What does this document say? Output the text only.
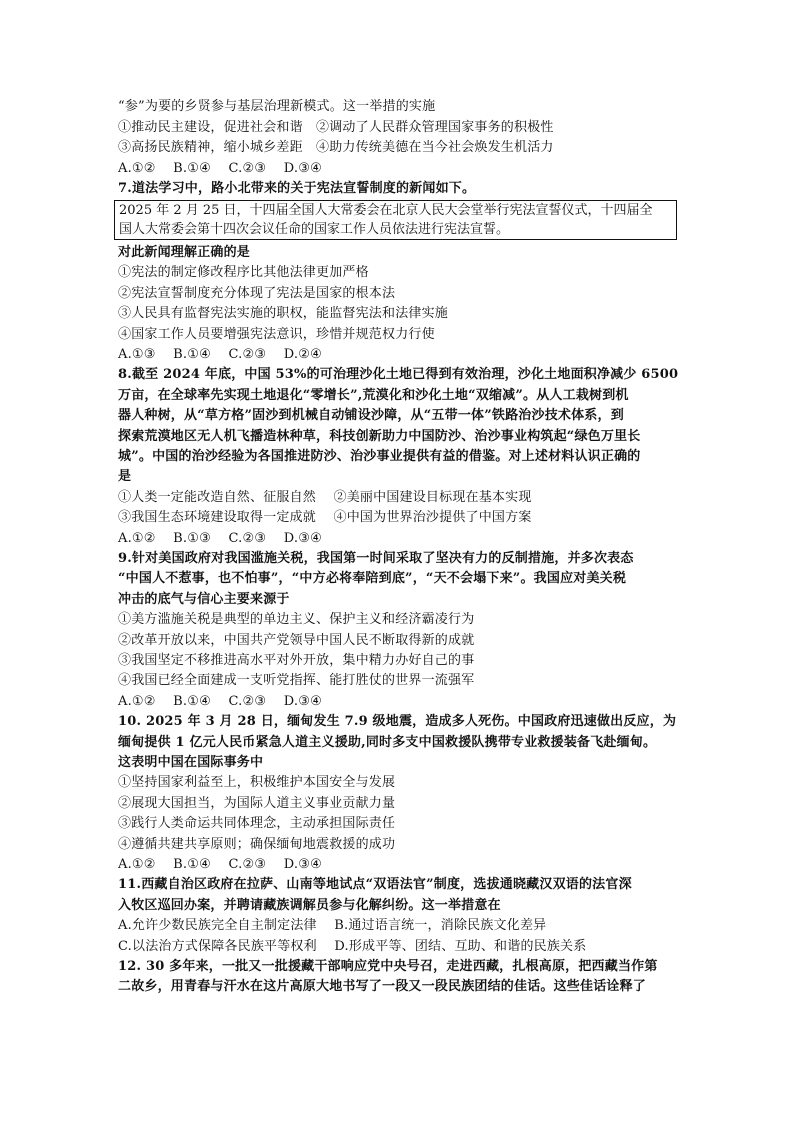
“参”为要的乡贤参与基层治理新模式。这一举措的实施
①推动民主建设，促进社会和谐　②调动了人民群众管理国家事务的积极性
③高扬民族精神，缩小城乡差距　④助力传统美德在当今社会焕发生机活力
A.①②　 B.①④　 C.②③　 D.③④
7.道法学习中，路小北带来的关于宪法宣誓制度的新闻如下。
2025 年 2 月 25 日，十四届全国人大常委会在北京人民大会堂举行宪法宣誓仪式，十四届全
国人大常委会第十四次会议任命的国家工作人员依法进行宪法宣誓。
对此新闻理解正确的是
①宪法的制定修改程序比其他法律更加严格
②宪法宣誓制度充分体现了宪法是国家的根本法
③人民具有监督宪法实施的职权，能监督宪法和法律实施
④国家工作人员要增强宪法意识，珍惜并规范权力行使
A.①③　 B.①④　 C.②③　 D.②④
8.截至 2024 年底，中国 53%的可治理沙化土地已得到有效治理，沙化土地面积净减少 6500
万亩，在全球率先实现土地退化“零增长”,荒漠化和沙化土地“双缩减”。从人工栽树到机
器人种树，从“草方格”固沙到机械自动铺设沙障，从“五带一体”铁路治沙技术体系，到
探索荒漠地区无人机飞播造林种草，科技创新助力中国防沙、治沙事业构筑起“绿色万里长
城”。中国的治沙经验为各国推进防沙、治沙事业提供有益的借鉴。对上述材料认识正确的
是
①人类一定能改造自然、征服自然　 ②美丽中国建设目标现在基本实现
③我国生态环境建设取得一定成就　 ④中国为世界治沙提供了中国方案
A.①②　 B.①③　 C.②③　 D.③④
9.针对美国政府对我国滥施关税，我国第一时间采取了坚决有力的反制措施，并多次表态
“中国人不惹事，也不怕事”，“中方必将奉陪到底”，“天不会塌下来”。我国应对美关税
冲击的底气与信心主要来源于
①美方滥施关税是典型的单边主义、保护主义和经济霸凌行为
②改革开放以来，中国共产党领导中国人民不断取得新的成就
③我国坚定不移推进高水平对外开放，集中精力办好自己的事
④我国已经全面建成一支听党指挥、能打胜仗的世界一流强军
A.①②　 B.①④　 C.②③　 D.③④
10. 2025 年 3 月 28 日，缅甸发生 7.9 级地震，造成多人死伤。中国政府迅速做出反应，为
缅甸提供 1 亿元人民币紧急人道主义援助,同时多支中国救援队携带专业救援装备飞赴缅甸。
这表明中国在国际事务中
①坚持国家利益至上，积极维护本国安全与发展
②展现大国担当，为国际人道主义事业贡献力量
③践行人类命运共同体理念，主动承担国际责任
④遵循共建共享原则；确保缅甸地震救援的成功
A.①②　 B.①④　 C.②③　 D.③④
11.西藏自治区政府在拉萨、山南等地试点“双语法官”制度，选拔通晓藏汉双语的法官深
入牧区巡回办案，并聘请藏族调解员参与化解纠纷。这一举措意在
A.允许少数民族完全自主制定法律　 B.通过语言统一，消除民族文化差异
C.以法治方式保障各民族平等权利　 D.形成平等、团结、互助、和谐的民族关系
12. 30 多年来，一批又一批援藏干部响应党中央号召，走进西藏，扎根高原，把西藏当作第
二故乡，用青春与汗水在这片高原大地书写了一段又一段民族团结的佳话。这些佳话诠释了
